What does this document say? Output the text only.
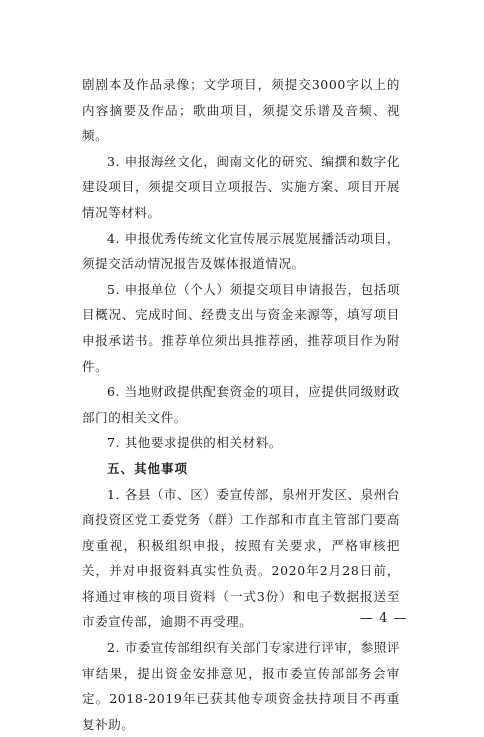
剧剧本及作品录像；文学项目，须提交3000字以上的内容摘要及作品；歌曲项目，须提交乐谱及音频、视频。

3. 申报海丝文化，闽南文化的研究、编撰和数字化建设项目，须提交项目立项报告、实施方案、项目开展情况等材料。

4. 申报优秀传统文化宣传展示展览展播活动项目，须提交活动情况报告及媒体报道情况。

5. 申报单位（个人）须提交项目申请报告，包括项目概况、完成时间、经费支出与资金来源等，填写项目申报承诺书。推荐单位须出具推荐函，推荐项目作为附件。

6. 当地财政提供配套资金的项目，应提供同级财政部门的相关文件。

7. 其他要求提供的相关材料。

五、其他事项

1. 各县（市、区）委宣传部，泉州开发区、泉州台商投资区党工委党务（群）工作部和市直主管部门要高度重视，积极组织申报，按照有关要求，严格审核把关，并对申报资料真实性负责。2020年2月28日前，将通过审核的项目资料（一式3份）和电子数据报送至市委宣传部，逾期不再受理。

2. 市委宣传部组织有关部门专家进行评审，参照评审结果，提出资金安排意见，报市委宣传部部务会审定。2018-2019年已获其他专项资金扶持项目不再重复补助。

— 4 —
